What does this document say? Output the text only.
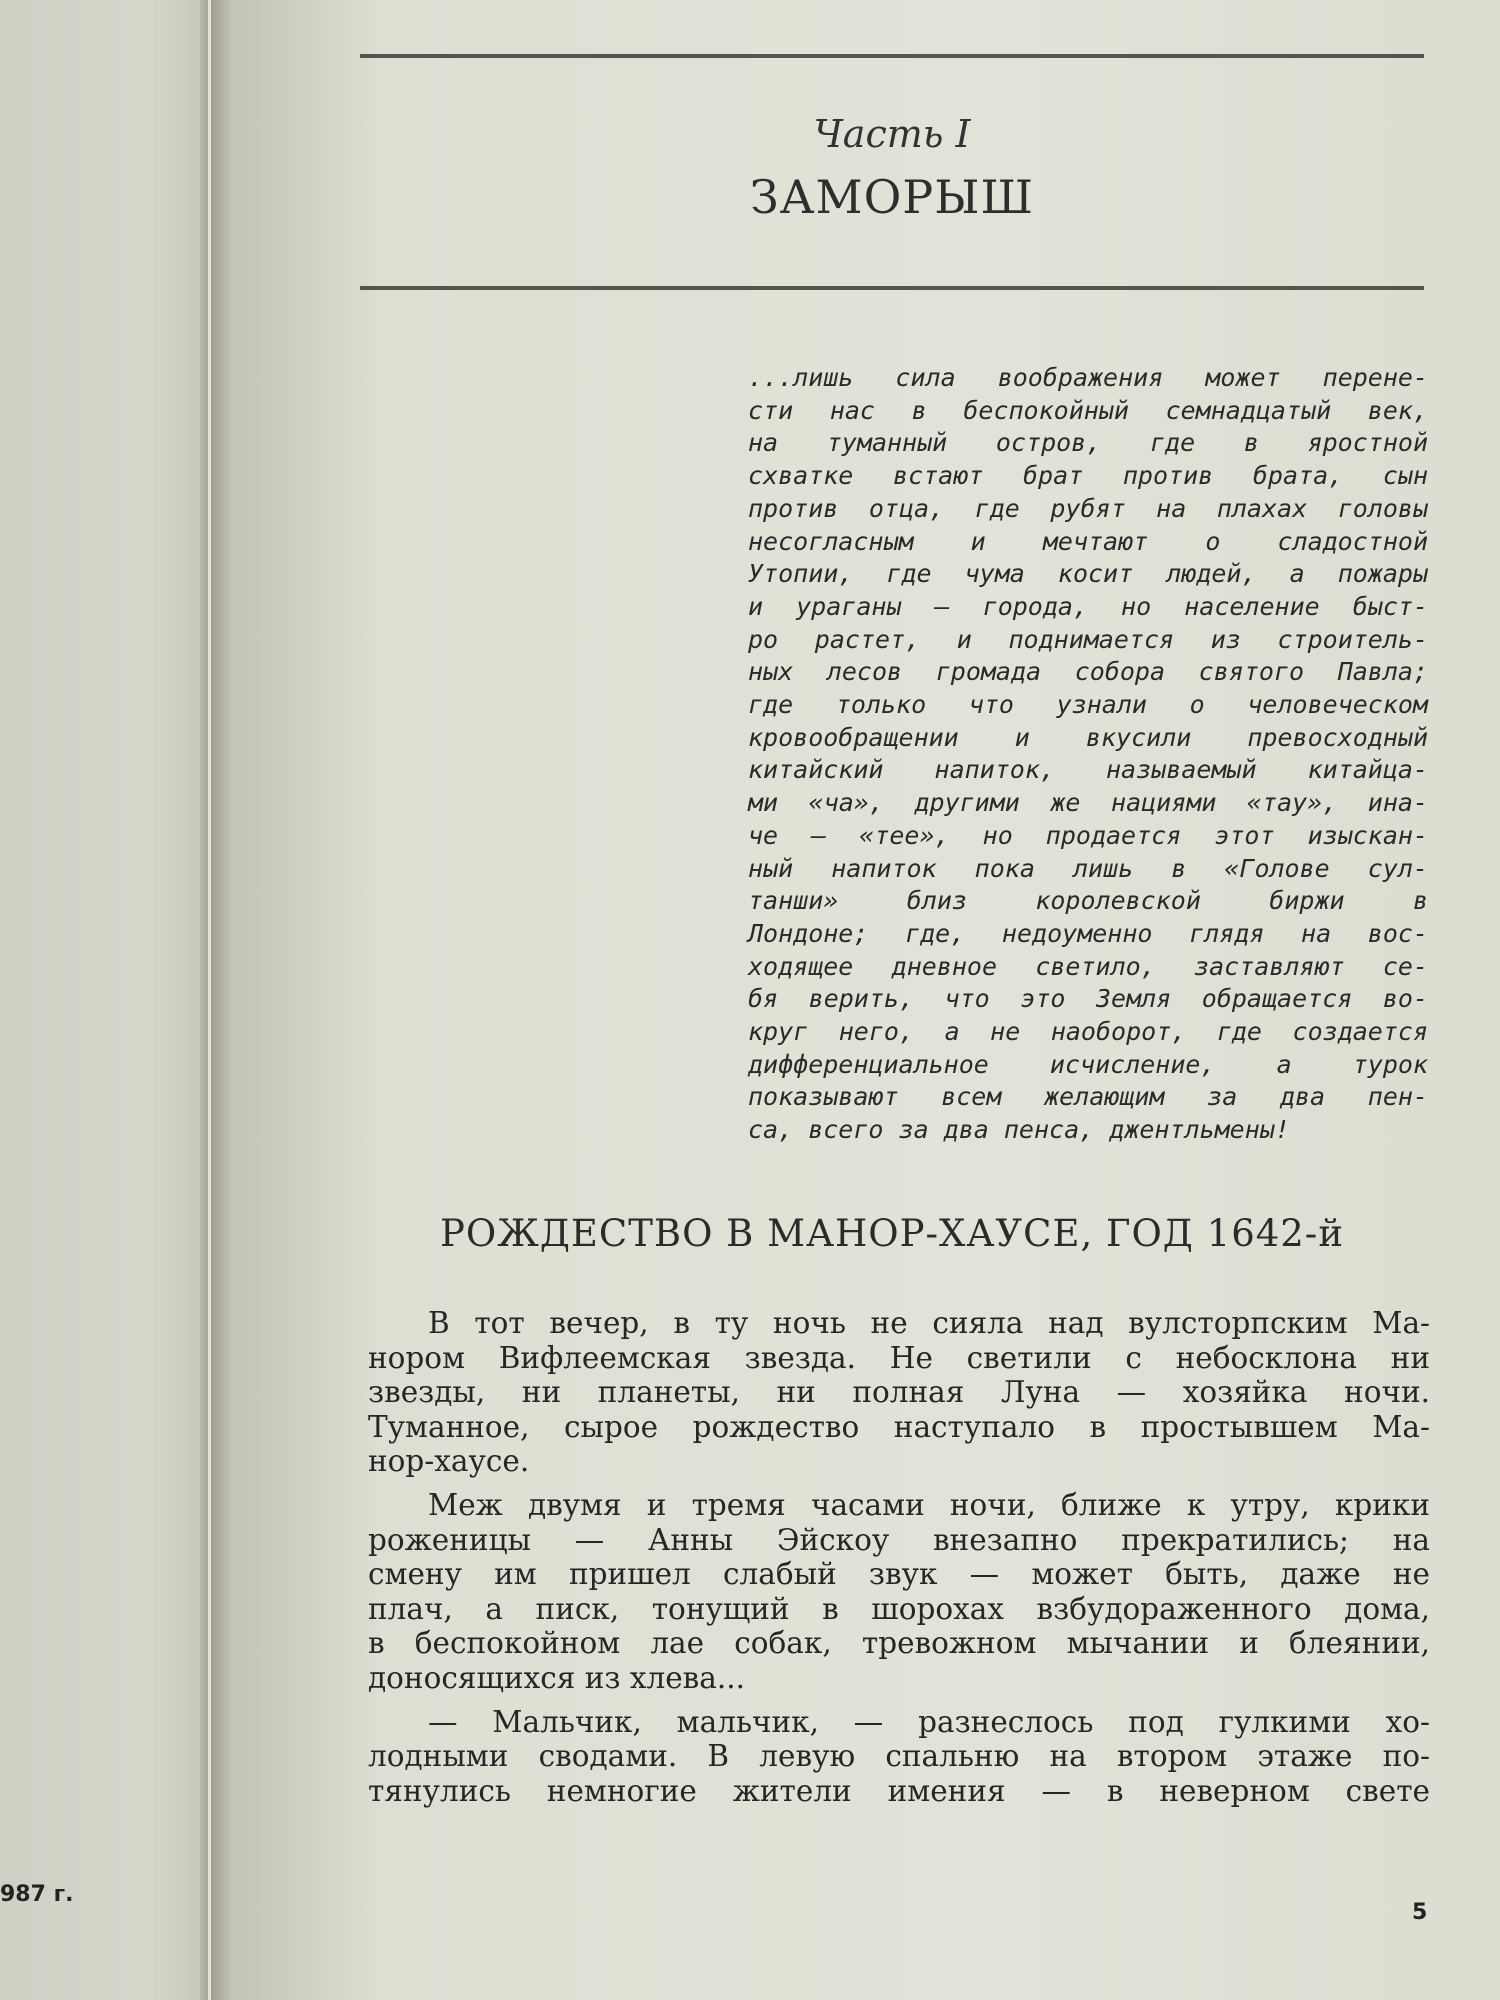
Часть I
ЗАМОРЫШ
...лишь сила воображения может перене-
сти нас в беспокойный семнадцатый век,
на туманный остров, где в яростной
схватке встают брат против брата, сын
против отца, где рубят на плахах головы
несогласным и мечтают о сладостной
Утопии, где чума косит людей, а пожары
и ураганы — города, но население быст-
ро растет, и поднимается из строитель-
ных лесов громада собора святого Павла;
где только что узнали о человеческом
кровообращении и вкусили превосходный
китайский напиток, называемый китайца-
ми «ча», другими же нациями «тау», ина-
че — «тее», но продается этот изыскан-
ный напиток пока лишь в «Голове сул-
танши» близ королевской биржи в
Лондоне; где, недоуменно глядя на вос-
ходящее дневное светило, заставляют се-
бя верить, что это Земля обращается во-
круг него, а не наоборот, где создается
дифференциальное исчисление, а турок
показывают всем желающим за два пен-
са, всего за два пенса, джентльмены!
РОЖДЕСТВО В МАНОР-ХАУСЕ, ГОД 1642-й
В тот вечер, в ту ночь не сияла над вулсторпским Ма-
нором Вифлеемская звезда. Не светили с небосклона ни
звезды, ни планеты, ни полная Луна — хозяйка ночи.
Туманное, сырое рождество наступало в простывшем Ма-
нор-хаусе.
Меж двумя и тремя часами ночи, ближе к утру, крики
роженицы — Анны Эйскоу внезапно прекратились; на
смену им пришел слабый звук — может быть, даже не
плач, а писк, тонущий в шорохах взбудораженного дома,
в беспокойном лае собак, тревожном мычании и блеянии,
доносящихся из хлева...
— Мальчик, мальчик, — разнеслось под гулкими хо-
лодными сводами. В левую спальню на втором этаже по-
тянулись немногие жители имения — в неверном свете
987 г.
5
